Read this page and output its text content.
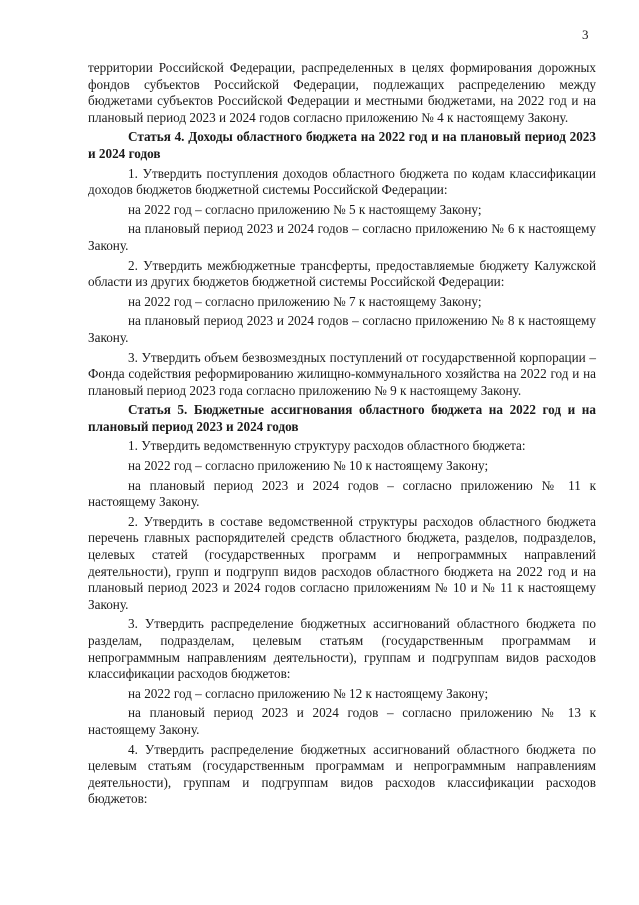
3

территории Российской Федерации, распределенных в целях формирования дорожных фондов субъектов Российской Федерации, подлежащих распределению между бюджетами субъектов Российской Федерации и местными бюджетами, на 2022 год и на плановый период 2023 и 2024 годов согласно приложению № 4 к настоящему Закону.

Статья 4. Доходы областного бюджета на 2022 год и на плановый период 2023 и 2024 годов

1. Утвердить поступления доходов областного бюджета по кодам классификации доходов бюджетов бюджетной системы Российской Федерации:

на 2022 год – согласно приложению № 5 к настоящему Закону;

на плановый период 2023 и 2024 годов – согласно приложению № 6 к настоящему Закону.

2. Утвердить межбюджетные трансферты, предоставляемые бюджету Калужской области из других бюджетов бюджетной системы Российской Федерации:

на 2022 год – согласно приложению № 7 к настоящему Закону;

на плановый период 2023 и 2024 годов – согласно приложению № 8 к настоящему Закону.

3. Утвердить объем безвозмездных поступлений от государственной корпорации – Фонда содействия реформированию жилищно-коммунального хозяйства на 2022 год и на плановый период 2023 года согласно приложению № 9 к настоящему Закону.

Статья 5. Бюджетные ассигнования областного бюджета на 2022 год и на плановый период 2023 и 2024 годов

1. Утвердить ведомственную структуру расходов областного бюджета:

на 2022 год – согласно приложению № 10 к настоящему Закону;

на плановый период 2023 и 2024 годов – согласно приложению № 11 к настоящему Закону.

2. Утвердить в составе ведомственной структуры расходов областного бюджета перечень главных распорядителей средств областного бюджета, разделов, подразделов, целевых статей (государственных программ и непрограммных направлений деятельности), групп и подгрупп видов расходов областного бюджета на 2022 год и на плановый период 2023 и 2024 годов согласно приложениям № 10 и № 11 к настоящему Закону.

3. Утвердить распределение бюджетных ассигнований областного бюджета по разделам, подразделам, целевым статьям (государственным программам и непрограммным направлениям деятельности), группам и подгруппам видов расходов классификации расходов бюджетов:

на 2022 год – согласно приложению № 12 к настоящему Закону;

на плановый период 2023 и 2024 годов – согласно приложению № 13 к настоящему Закону.

4. Утвердить распределение бюджетных ассигнований областного бюджета по целевым статьям (государственным программам и непрограммным направлениям деятельности), группам и подгруппам видов расходов классификации расходов бюджетов:
